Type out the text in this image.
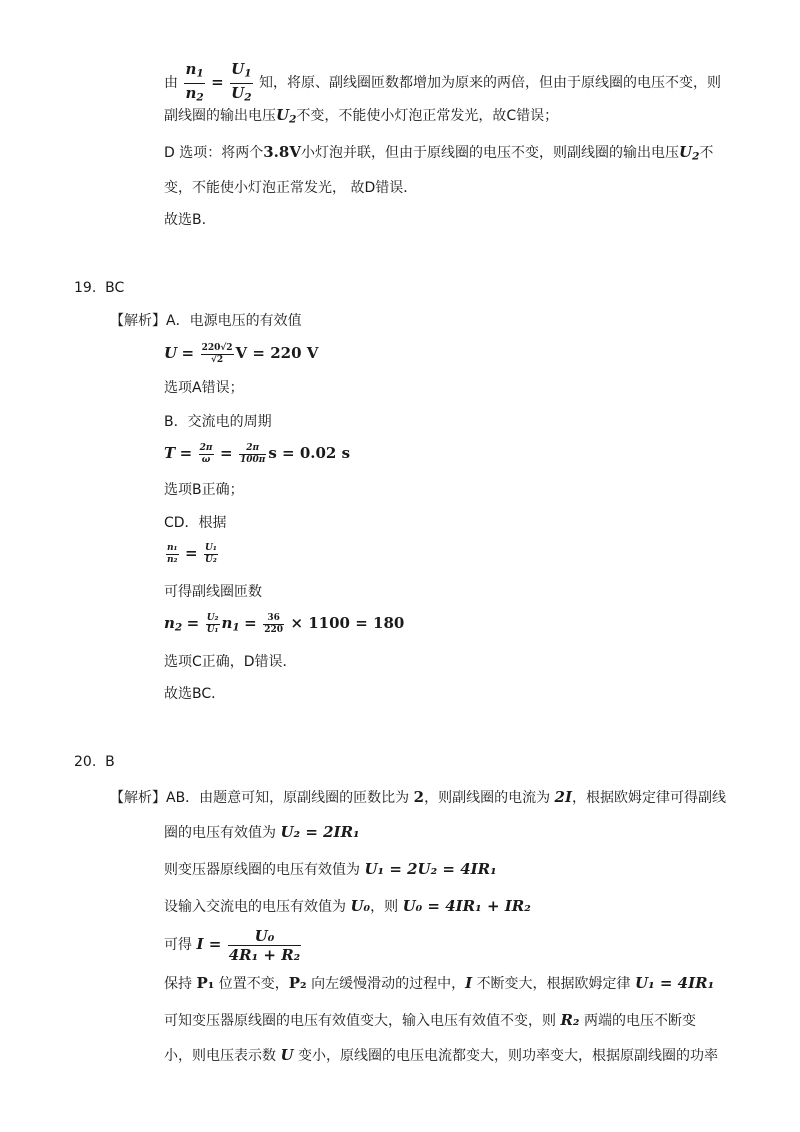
由 $\frac{n_1}{n_2} = \frac{U_1}{U_2}$ 知，将原、副线圈匝数都增加为原来的两倍，但由于原线圈的电压不变，则
副线圈的输出电压$U_2$不变，不能使小灯泡正常发光，故C错误；
D 选项：将两个3.8V小灯泡并联，但由于原线圈的电压不变，则副线圈的输出电压$U_2$不
变，不能使小灯泡正常发光， 故D错误．
故选B.
19. BC
【解析】A．电源电压的有效值
$U = \frac{220√2}{√2}$ V = 220 V
选项A错误；
B．交流电的周期
$T = \frac{2\pi}{\omega} = \frac{2\pi}{100\pi}$ s = 0.02 s
选项B正确；
CD．根据
$\frac{\text{n₁}}{\text{n₂}} = \frac{\text{U₁}}{\text{U₂}}$
可得副线圈匝数
$n_2 = \frac{\text{U₂}}{\text{U₁}} n_1 = \frac{36}{220} \times 1100 = 180$
选项C正确，D错误．
故选BC．
20. B
【解析】AB．由题意可知，原副线圈的匝数比为 2，则副线圈的电流为 2I，根据欧姆定律可得副线
圈的电压有效值为 U₂ = 2IR₁
则变压器原线圈的电压有效值为 U₁ = 2U₂ = 4IR₁
设输入交流电的电压有效值为 U₀，则 U₀ = 4IR₁ + IR₂
可得 $I = \frac{\text{U₀}}{\text{4R₁ + R₂}}$
保持 P₁ 位置不变，P₂ 向左缓慢滑动的过程中，I 不断变大，根据欧姆定律 U₁ = 4IR₁
可知变压器原线圈的电压有效值变大，输入电压有效值不变，则 R₂ 两端的电压不断变
小，则电压表示数 U 变小，原线圈的电压电流都变大，则功率变大，根据原副线圈的功率
